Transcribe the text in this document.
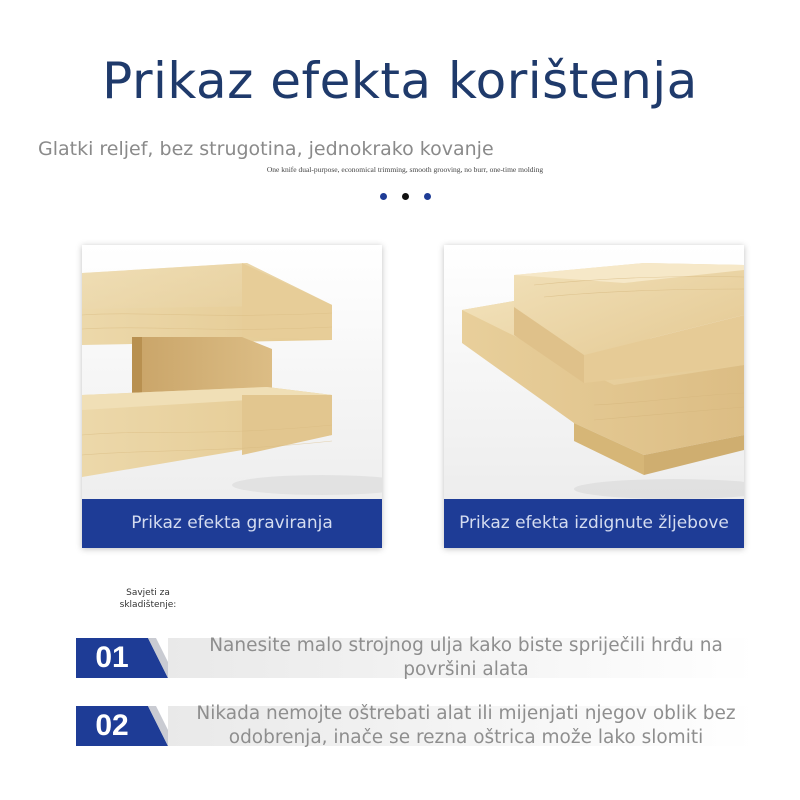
Prikaz efekta korištenja
Glatki reljef, bez strugotina, jednokrako kovanje
One knife dual-purpose, economical trimming, smooth grooving, no burr, one-time molding
Prikaz efekta graviranja	Prikaz efekta izdignute žljebove
Savjeti za skladištenje:
01	Nanesite malo strojnog ulja kako biste spriječili hrđu na površini alata
02	Nikada nemojte oštrebati alat ili mijenjati njegov oblik bez odobrenja, inače se rezna oštrica može lako slomiti
